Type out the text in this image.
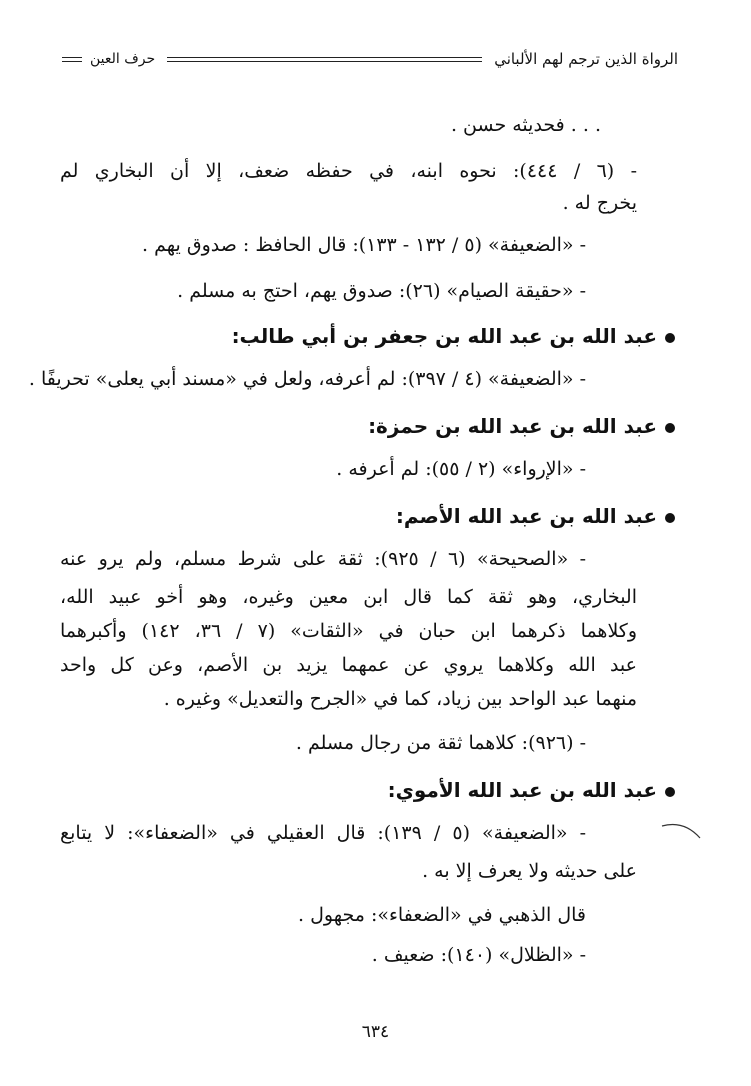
الرواة الذين ترجم لهم الألباني
حرف العين
. . . فحديثه حسن .
- (٦ / ٤٤٤): نحوه ابنه، في حفظه ضعف، إلا أن البخاري لم
يخرج له .
- «الضعيفة» (٥ / ١٣٢ - ١٣٣): قال الحافظ : صدوق يهم .
- «حقيقة الصيام» (٢٦): صدوق يهم، احتج به مسلم .
عبد الله بن عبد الله بن جعفر بن أبي طالب:
- «الضعيفة» (٤ / ٣٩٧): لم أعرفه، ولعل في «مسند أبي يعلى» تحريفًا .
عبد الله بن عبد الله بن حمزة:
- «الإرواء» (٢ / ٥٥): لم أعرفه .
عبد الله بن عبد الله الأصم:
- «الصحيحة» (٦ / ٩٢٥): ثقة على شرط مسلم، ولم يرو عنه
البخاري، وهو ثقة كما قال ابن معين وغيره، وهو أخو عبيد الله،
وكلاهما ذكرهما ابن حبان في «الثقات» (٧ / ٣٦، ١٤٢) وأكبرهما
عبد الله وكلاهما يروي عن عمهما يزيد بن الأصم، وعن كل واحد
منهما عبد الواحد بين زياد، كما في «الجرح والتعديل» وغيره .
- (٩٢٦): كلاهما ثقة من رجال مسلم .
عبد الله بن عبد الله الأموي:
- «الضعيفة» (٥ / ١٣٩): قال العقيلي في «الضعفاء»: لا يتابع
على حديثه ولا يعرف إلا به .
قال الذهبي في «الضعفاء»: مجهول .
- «الظلال» (١٤٠): ضعيف .
٦٣٤
